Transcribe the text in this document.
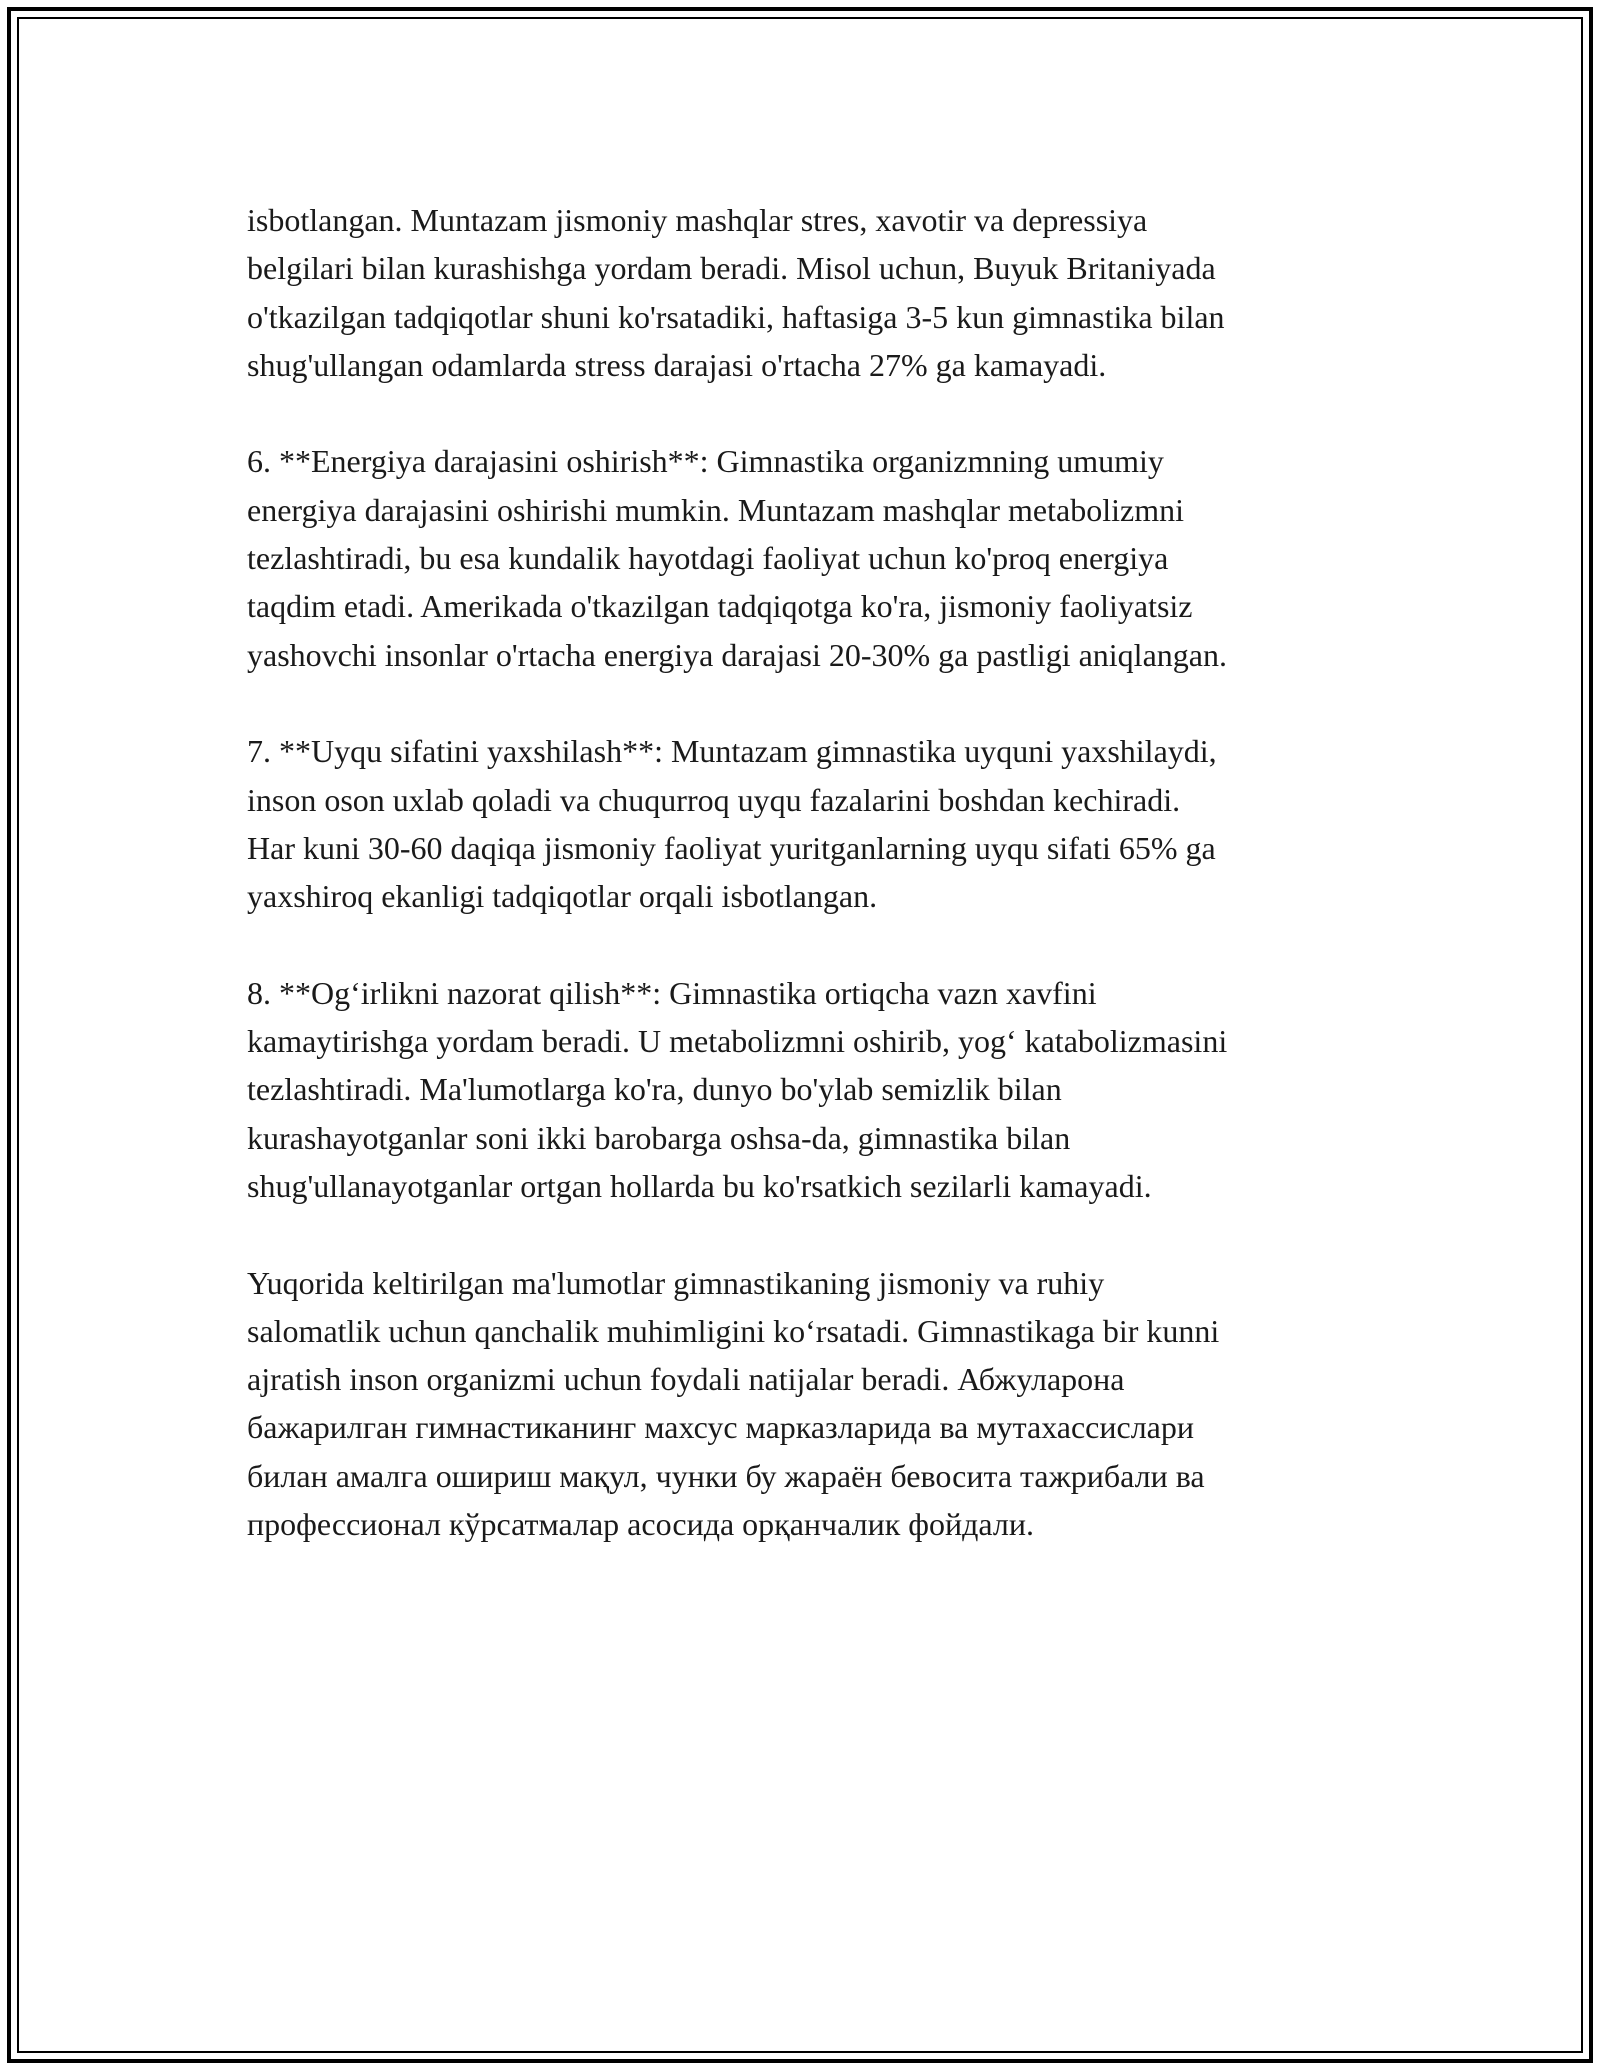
isbotlangan. Muntazam jismoniy mashqlar stres, xavotir va depressiya
belgilari bilan kurashishga yordam beradi. Misol uchun, Buyuk Britaniyada
o'tkazilgan tadqiqotlar shuni ko'rsatadiki, haftasiga 3-5 kun gimnastika bilan
shug'ullangan odamlarda stress darajasi o'rtacha 27% ga kamayadi.

6. **Energiya darajasini oshirish**: Gimnastika organizmning umumiy
energiya darajasini oshirishi mumkin. Muntazam mashqlar metabolizmni
tezlashtiradi, bu esa kundalik hayotdagi faoliyat uchun ko'proq energiya
taqdim etadi. Amerikada o'tkazilgan tadqiqotga ko'ra, jismoniy faoliyatsiz
yashovchi insonlar o'rtacha energiya darajasi 20-30% ga pastligi aniqlangan.

7. **Uyqu sifatini yaxshilash**: Muntazam gimnastika uyquni yaxshilaydi,
inson oson uxlab qoladi va chuqurroq uyqu fazalarini boshdan kechiradi.
Har kuni 30-60 daqiqa jismoniy faoliyat yuritganlarning uyqu sifati 65% ga
yaxshiroq ekanligi tadqiqotlar orqali isbotlangan.

8. **Og‘irlikni nazorat qilish**: Gimnastika ortiqcha vazn xavfini
kamaytirishga yordam beradi. U metabolizmni oshirib, yog‘ katabolizmasini
tezlashtiradi. Ma'lumotlarga ko'ra, dunyo bo'ylab semizlik bilan
kurashayotganlar soni ikki barobarga oshsa-da, gimnastika bilan
shug'ullanayotganlar ortgan hollarda bu ko'rsatkich sezilarli kamayadi.

Yuqorida keltirilgan ma'lumotlar gimnastikaning jismoniy va ruhiy
salomatlik uchun qanchalik muhimligini ko‘rsatadi. Gimnastikaga bir kunni
ajratish inson organizmi uchun foydali natijalar beradi. Абжуларона
бажарилган гимнастиканинг махсус марказларида ва мутахассислари
билан амалга ошириш мақул, чунки бу жараён бевосита тажрибали ва
профессионал кўрсатмалар асосида орқанчалик фойдали.
